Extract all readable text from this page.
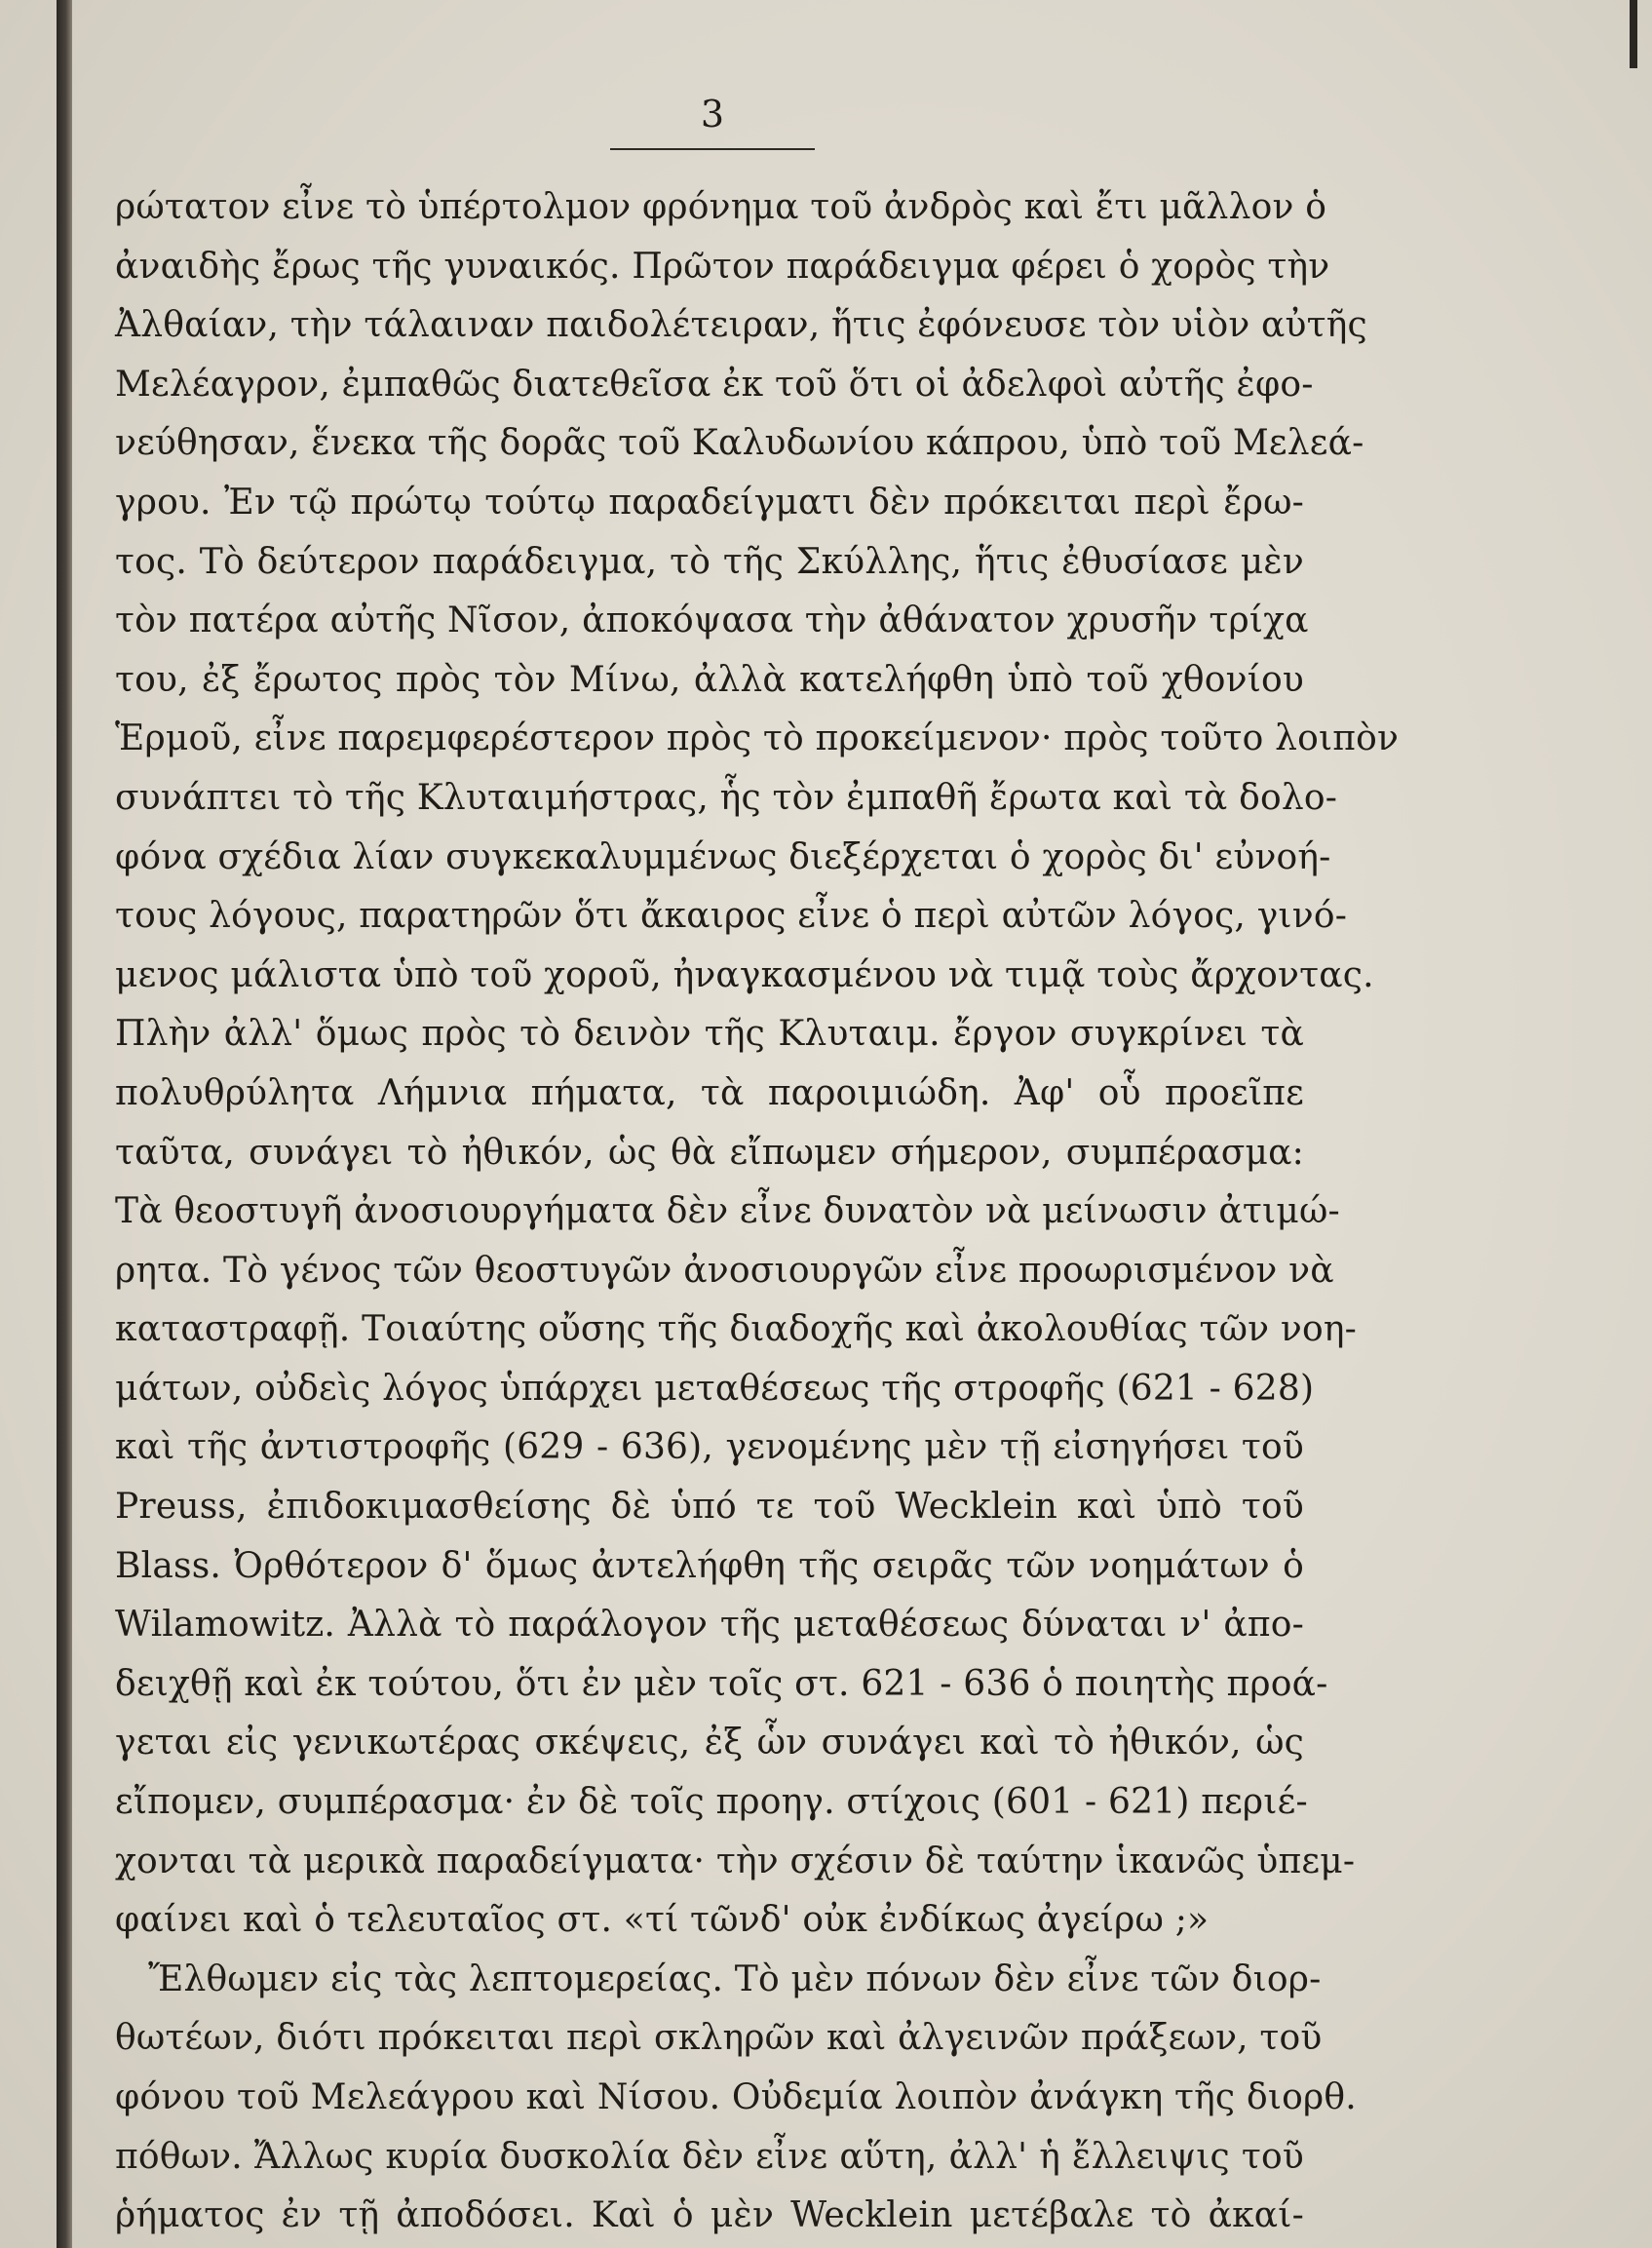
3
ρώτατον εἶνε τὸ ὑπέρτολμον φρόνημα τοῦ ἀνδρὸς καὶ ἔτι μᾶλλον ὁ
ἀναιδὴς ἔρως τῆς γυναικός. Πρῶτον παράδειγμα φέρει ὁ χορὸς τὴν
Ἀλθαίαν, τὴν τάλαιναν παιδολέτειραν, ἥτις ἐφόνευσε τὸν υἱὸν αὐτῆς
Μελέαγρον, ἐμπαθῶς διατεθεῖσα ἐκ τοῦ ὅτι οἱ ἀδελφοὶ αὐτῆς ἐφο-
νεύθησαν, ἕνεκα τῆς δορᾶς τοῦ Καλυδωνίου κάπρου, ὑπὸ τοῦ Μελεά-
γρου. Ἐν τῷ πρώτῳ τούτῳ παραδείγματι δὲν πρόκειται περὶ ἔρω-
τος. Τὸ δεύτερον παράδειγμα, τὸ τῆς Σκύλλης, ἥτις ἐθυσίασε μὲν
τὸν πατέρα αὐτῆς Νῖσον, ἀποκόψασα τὴν ἀθάνατον χρυσῆν τρίχα
του, ἐξ ἔρωτος πρὸς τὸν Μίνω, ἀλλὰ κατελήφθη ὑπὸ τοῦ χθονίου
Ἑρμοῦ, εἶνε παρεμφερέστερον πρὸς τὸ προκείμενον· πρὸς τοῦτο λοιπὸν
συνάπτει τὸ τῆς Κλυταιμήστρας, ἧς τὸν ἐμπαθῆ ἔρωτα καὶ τὰ δολο-
φόνα σχέδια λίαν συγκεκαλυμμένως διεξέρχεται ὁ χορὸς δι' εὐνοή-
τους λόγους, παρατηρῶν ὅτι ἄκαιρος εἶνε ὁ περὶ αὐτῶν λόγος, γινό-
μενος μάλιστα ὑπὸ τοῦ χοροῦ, ἠναγκασμένου νὰ τιμᾷ τοὺς ἄρχοντας.
Πλὴν ἀλλ' ὅμως πρὸς τὸ δεινὸν τῆς Κλυταιμ. ἔργον συγκρίνει τὰ
πολυθρύλητα Λήμνια πήματα, τὰ παροιμιώδη. Ἀφ' οὗ προεῖπε
ταῦτα, συνάγει τὸ ἠθικόν, ὡς θὰ εἴπωμεν σήμερον, συμπέρασμα:
Τὰ θεοστυγῆ ἀνοσιουργήματα δὲν εἶνε δυνατὸν νὰ μείνωσιν ἀτιμώ-
ρητα. Τὸ γένος τῶν θεοστυγῶν ἀνοσιουργῶν εἶνε προωρισμένον νὰ
καταστραφῇ. Τοιαύτης οὔσης τῆς διαδοχῆς καὶ ἀκολουθίας τῶν νοη-
μάτων, οὐδεὶς λόγος ὑπάρχει μεταθέσεως τῆς στροφῆς (621 - 628)
καὶ τῆς ἀντιστροφῆς (629 - 636), γενομένης μὲν τῇ εἰσηγήσει τοῦ
Preuss, ἐπιδοκιμασθείσης δὲ ὑπό τε τοῦ Wecklein καὶ ὑπὸ τοῦ
Blass. Ὀρθότερον δ' ὅμως ἀντελήφθη τῆς σειρᾶς τῶν νοημάτων ὁ
Wilamowitz. Ἀλλὰ τὸ παράλογον τῆς μεταθέσεως δύναται ν' ἀπο-
δειχθῇ καὶ ἐκ τούτου, ὅτι ἐν μὲν τοῖς στ. 621 - 636 ὁ ποιητὴς προά-
γεται εἰς γενικωτέρας σκέψεις, ἐξ ὧν συνάγει καὶ τὸ ἠθικόν, ὡς
εἴπομεν, συμπέρασμα· ἐν δὲ τοῖς προηγ. στίχοις (601 - 621) περιέ-
χονται τὰ μερικὰ παραδείγματα· τὴν σχέσιν δὲ ταύτην ἱκανῶς ὑπεμ-
φαίνει καὶ ὁ τελευταῖος στ. «τί τῶνδ' οὐκ ἐνδίκως ἀγείρω ;»
Ἔλθωμεν εἰς τὰς λεπτομερείας. Τὸ μὲν πόνων δὲν εἶνε τῶν διορ-
θωτέων, διότι πρόκειται περὶ σκληρῶν καὶ ἀλγεινῶν πράξεων, τοῦ
φόνου τοῦ Μελεάγρου καὶ Νίσου. Οὐδεμία λοιπὸν ἀνάγκη τῆς διορθ.
πόθων. Ἄλλως κυρία δυσκολία δὲν εἶνε αὕτη, ἀλλ' ἡ ἔλλειψις τοῦ
ῥήματος ἐν τῇ ἀποδόσει. Καὶ ὁ μὲν Wecklein μετέβαλε τὸ ἀκαί-
